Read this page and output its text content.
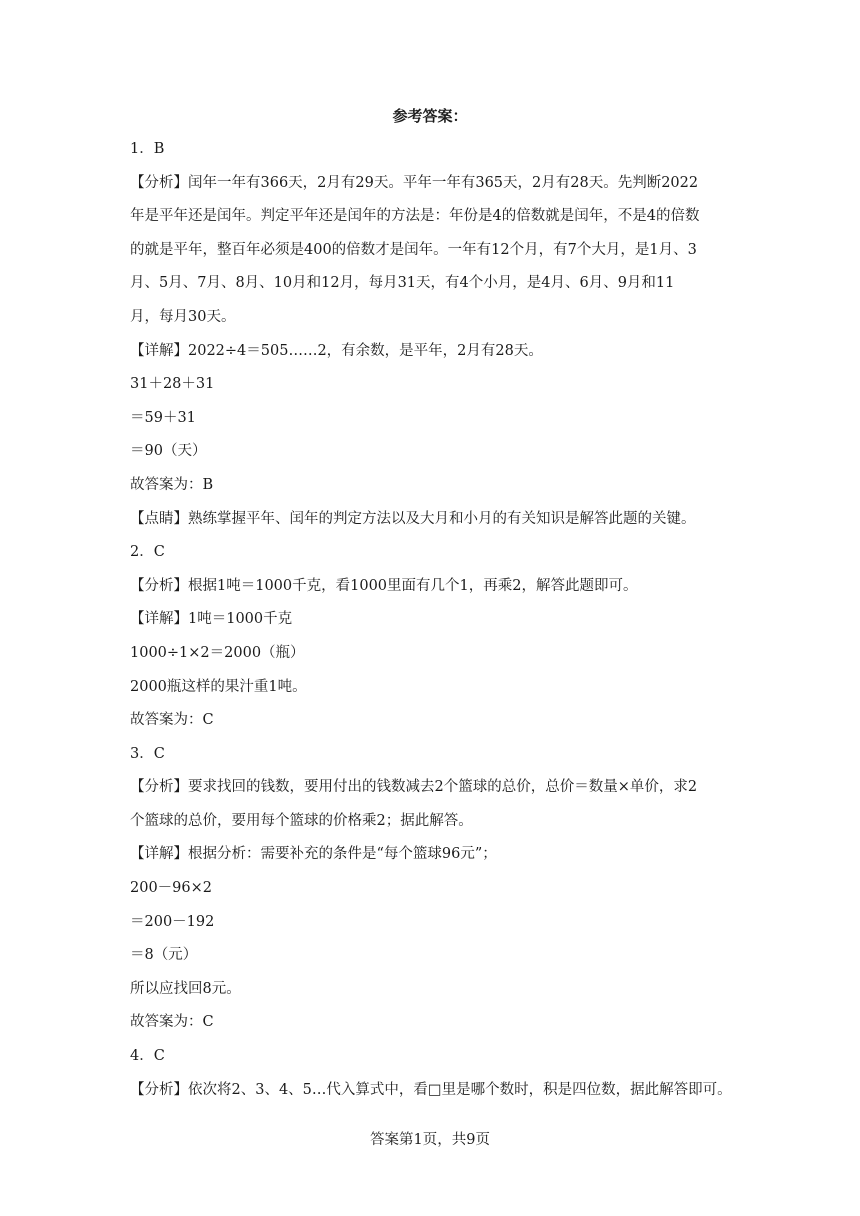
参考答案：
1．B
【分析】闰年一年有366天，2月有29天。平年一年有365天，2月有28天。先判断2022
年是平年还是闰年。判定平年还是闰年的方法是：年份是4的倍数就是闰年，不是4的倍数
的就是平年，整百年必须是400的倍数才是闰年。一年有12个月，有7个大月，是1月、3
月、5月、7月、8月、10月和12月，每月31天，有4个小月，是4月、6月、9月和11
月，每月30天。
【详解】2022÷4＝505……2，有余数，是平年，2月有28天。
31＋28＋31
＝59＋31
＝90（天）
故答案为：B
【点睛】熟练掌握平年、闰年的判定方法以及大月和小月的有关知识是解答此题的关键。
2．C
【分析】根据1吨＝1000千克，看1000里面有几个1，再乘2，解答此题即可。
【详解】1吨＝1000千克
1000÷1×2＝2000（瓶）
2000瓶这样的果汁重1吨。
故答案为：C
3．C
【分析】要求找回的钱数，要用付出的钱数减去2个篮球的总价，总价＝数量×单价，求2
个篮球的总价，要用每个篮球的价格乘2；据此解答。
【详解】根据分析：需要补充的条件是“每个篮球96元”；
200－96×2
＝200－192
＝8（元）
所以应找回8元。
故答案为：C
4．C
【分析】依次将2、3、4、5…代入算式中，看□里是哪个数时，积是四位数，据此解答即可。
答案第1页，共9页
